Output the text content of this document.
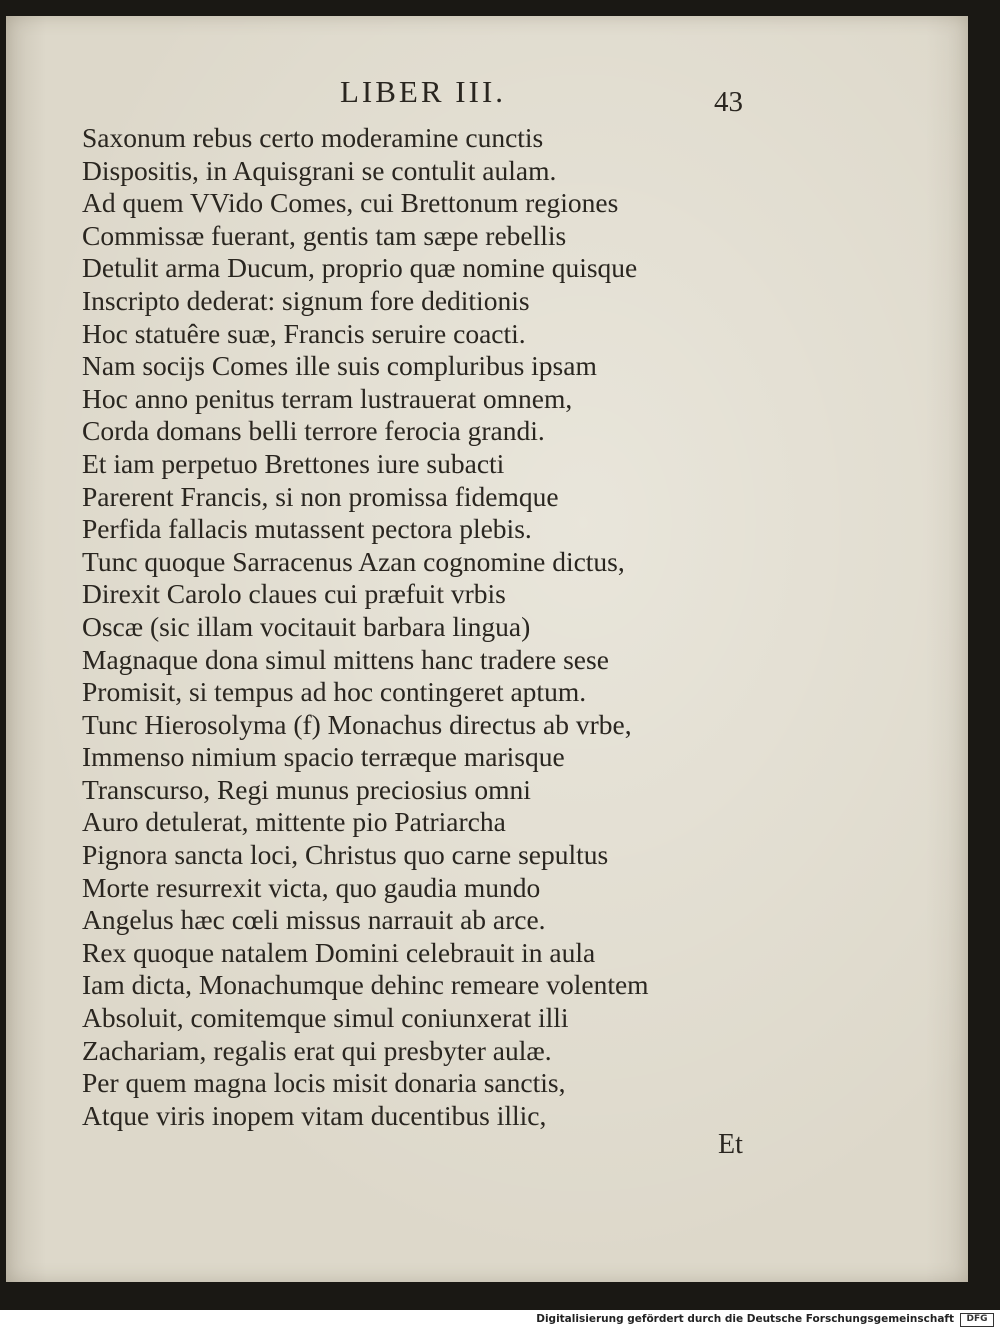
LIBER III.	43
Saxonum rebus certo moderamine cunctis
Dispositis, in Aquisgrani se contulit aulam.
Ad quem VVido Comes, cui Brettonum regiones
Commissæ fuerant, gentis tam sæpe rebellis
Detulit arma Ducum, proprio quæ nomine quisque
Inscripto dederat: signum fore deditionis
Hoc statuêre suæ, Francis seruire coacti.
Nam socijs Comes ille suis compluribus ipsam
Hoc anno penitus terram lustrauerat omnem,
Corda domans belli terrore ferocia grandi.
Et iam perpetuo Brettones iure subacti
Parerent Francis, si non promissa fidemque
Perfida fallacis mutassent pectora plebis.
Tunc quoque Sarracenus Azan cognomine dictus,
Direxit Carolo claues cui præfuit vrbis
Oscæ (sic illam vocitauit barbara lingua)
Magnaque dona simul mittens hanc tradere sese
Promisit, si tempus ad hoc contingeret aptum.
Tunc Hierosolyma (f) Monachus directus ab vrbe,
Immenso nimium spacio terræque marisque
Transcurso, Regi munus preciosius omni
Auro detulerat, mittente pio Patriarcha
Pignora sancta loci, Christus quo carne sepultus
Morte resurrexit victa, quo gaudia mundo
Angelus hæc cœli missus narrauit ab arce.
Rex quoque natalem Domini celebrauit in aula
Iam dicta, Monachumque dehinc remeare volentem
Absoluit, comitemque simul coniunxerat illi
Zachariam, regalis erat qui presbyter aulæ.
Per quem magna locis misit donaria sanctis,
Atque viris inopem vitam ducentibus illic,
Et
Digitalisierung gefördert durch die Deutsche Forschungsgemeinschaft	DFG
